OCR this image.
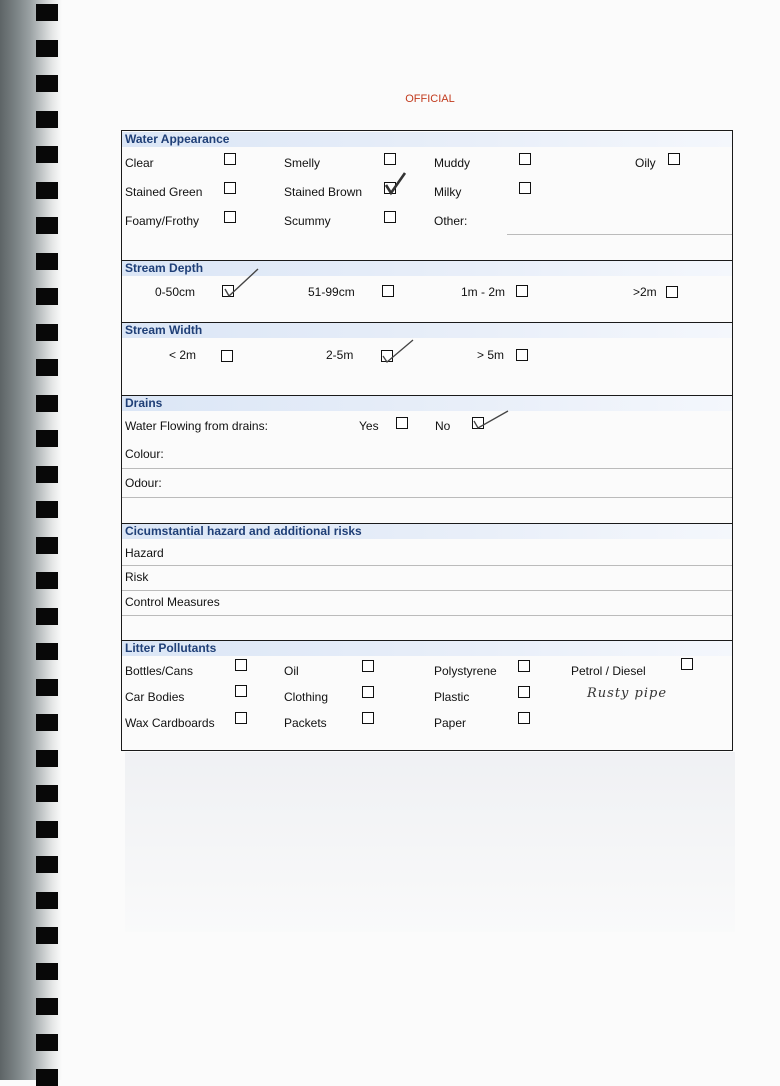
OFFICIAL
Water Appearance
Clear	Smelly	Muddy	Oily
Stained Green	Stained Brown	Milky
Foamy/Frothy	Scummy	Other:
Stream Depth
0-50cm	51-99cm	1m - 2m	>2m
Stream Width
< 2m	2-5m	> 5m
Drains
Water Flowing from drains:	Yes	No
Colour:
Odour:
Cicumstantial hazard and additional risks
Hazard
Risk
Control Measures
Litter Pollutants
Bottles/Cans	Oil	Polystyrene	Petrol / Diesel
Car Bodies	Clothing	Plastic	Rusty pipe
Wax Cardboards	Packets	Paper
